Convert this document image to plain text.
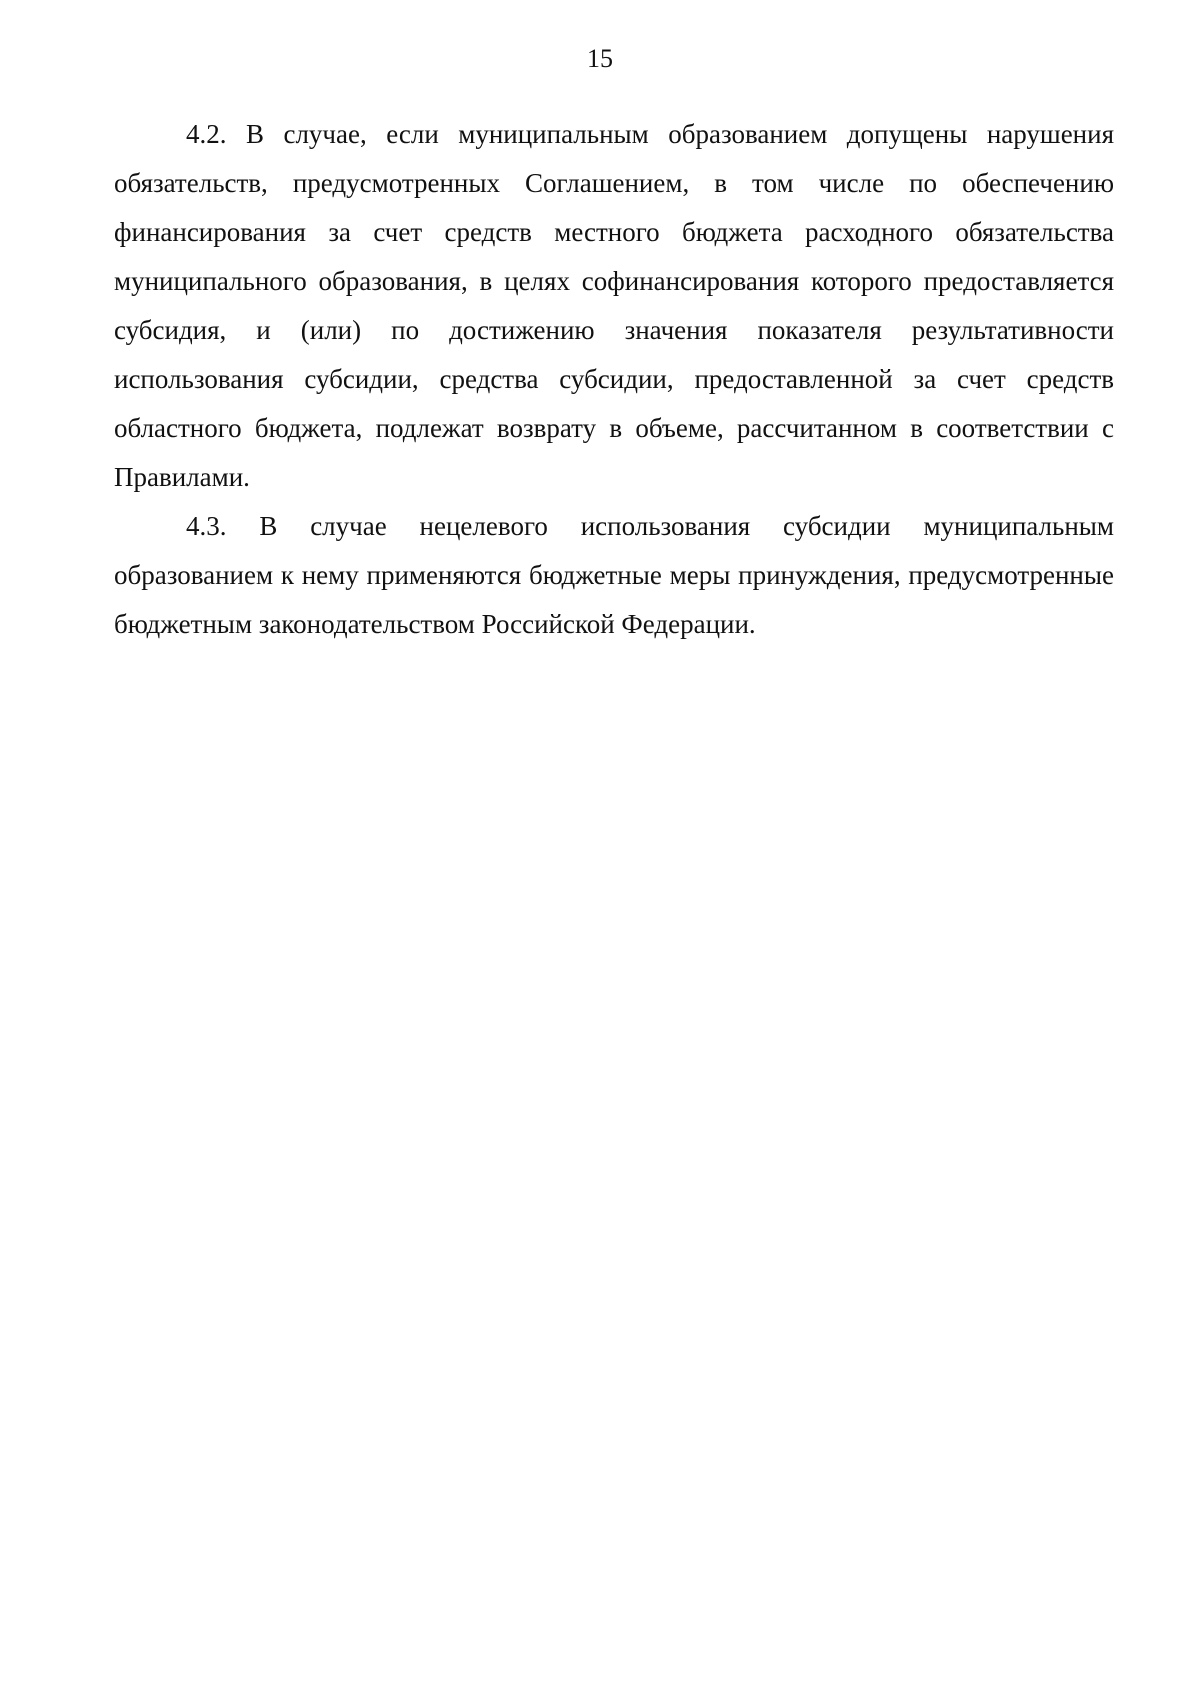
15

4.2. В случае, если муниципальным образованием допущены нарушения обязательств, предусмотренных Соглашением, в том числе по обеспечению финансирования за счет средств местного бюджета расходного обязательства муниципального образования, в целях софинансирования которого предоставляется субсидия, и (или) по достижению значения показателя результативности использования субсидии, средства субсидии, предоставленной за счет средств областного бюджета, подлежат возврату в объеме, рассчитанном в соответствии с Правилами.

4.3. В случае нецелевого использования субсидии муниципальным образованием к нему применяются бюджетные меры принуждения, предусмотренные бюджетным законодательством Российской Федерации.
